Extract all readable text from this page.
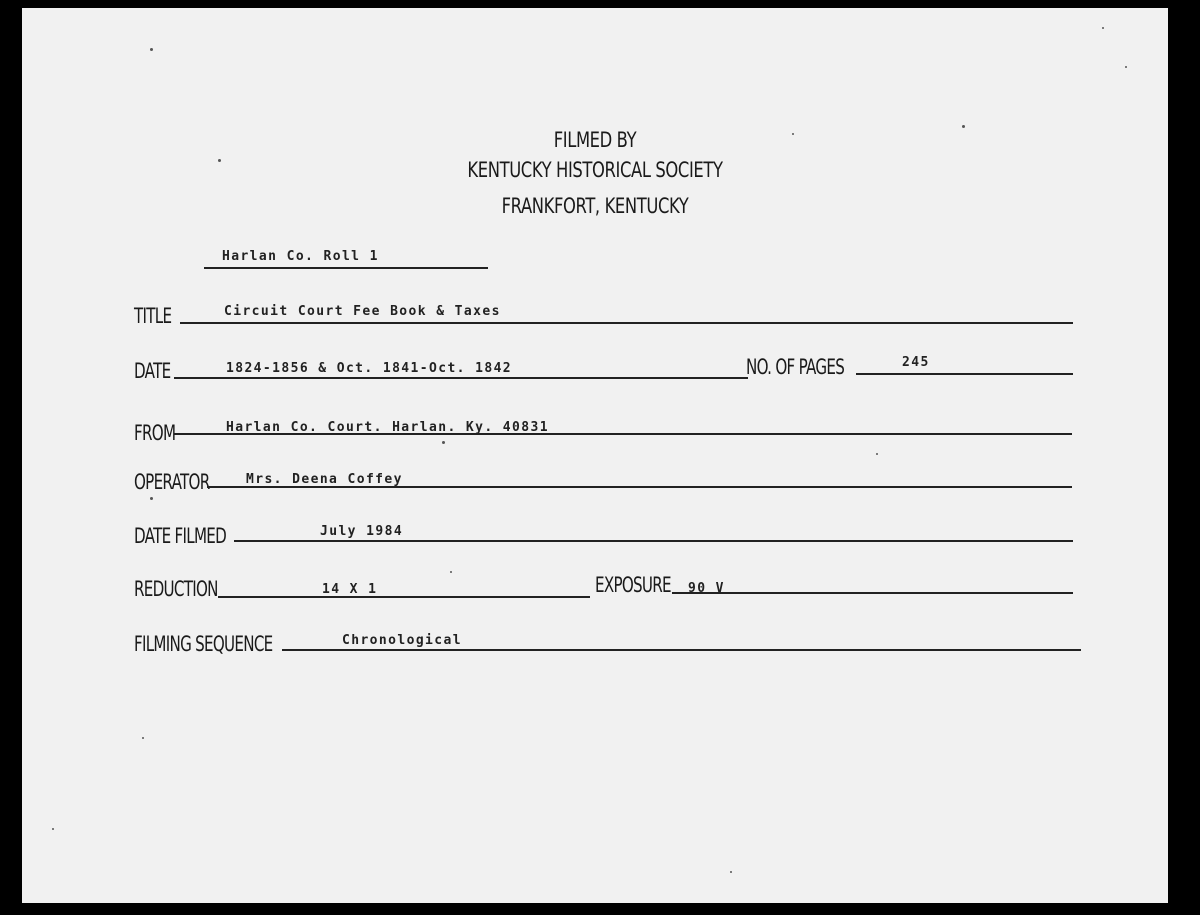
FILMED BY
KENTUCKY HISTORICAL SOCIETY
FRANKFORT, KENTUCKY
Harlan Co. Roll 1
TITLE	Circuit Court Fee Book & Taxes
DATE	1824-1856 & Oct. 1841-Oct. 1842	NO. OF PAGES	245
FROM	Harlan Co. Court. Harlan. Ky. 40831
OPERATOR	Mrs. Deena Coffey
DATE FILMED	July 1984
REDUCTION	14 X 1	EXPOSURE 90 V
FILMING SEQUENCE	Chronological
